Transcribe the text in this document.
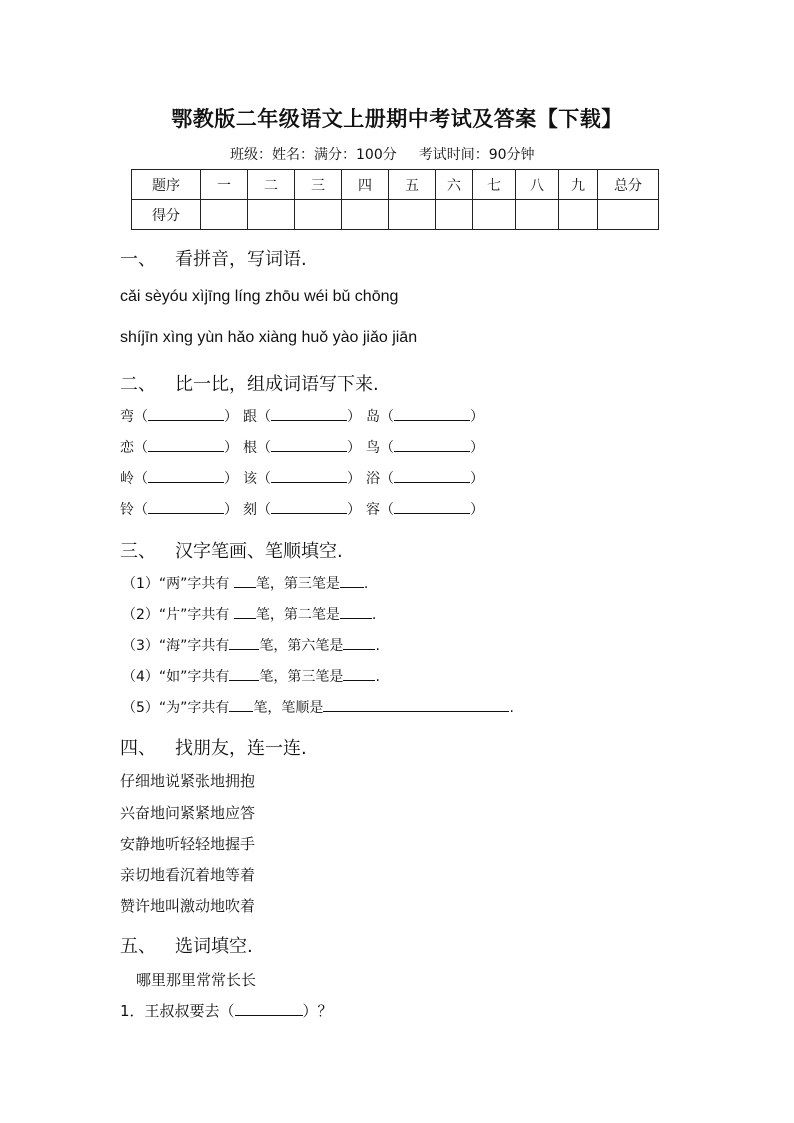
鄂教版二年级语文上册期中考试及答案【下载】
班级：姓名：满分：100分 考试时间：90分钟
题序	一	二	三	四	五	六	七	八	九	总分
得分										
一、 看拼音，写词语.
cǎi sèyóu xìjīng líng zhōu wéi bǔ chōng
shíjīn xìng yùn hǎo xiàng huǒ yào jiǎo jiān
二、 比一比，组成词语写下来.
弯（	） 跟（	） 岛（	）
恋（	） 根（	） 鸟（	）
岭（	） 该（	） 浴（	）
铃（	） 刻（	） 容（	）
三、 汉字笔画、笔顺填空.
（1）“两”字共有 笔，第三笔是 .
（2）“片”字共有 笔，第二笔是 .
（3）“海”字共有 笔，第六笔是 .
（4）“如”字共有 笔，第三笔是 .
（5）“为”字共有 笔，笔顺是	.
四、 找朋友，连一连.
仔细地说紧张地拥抱
兴奋地问紧紧地应答
安静地听轻轻地握手
亲切地看沉着地等着
赞许地叫激动地吹着
五、 选词填空.
哪里那里常常长长
1．王叔叔要去（	）？
